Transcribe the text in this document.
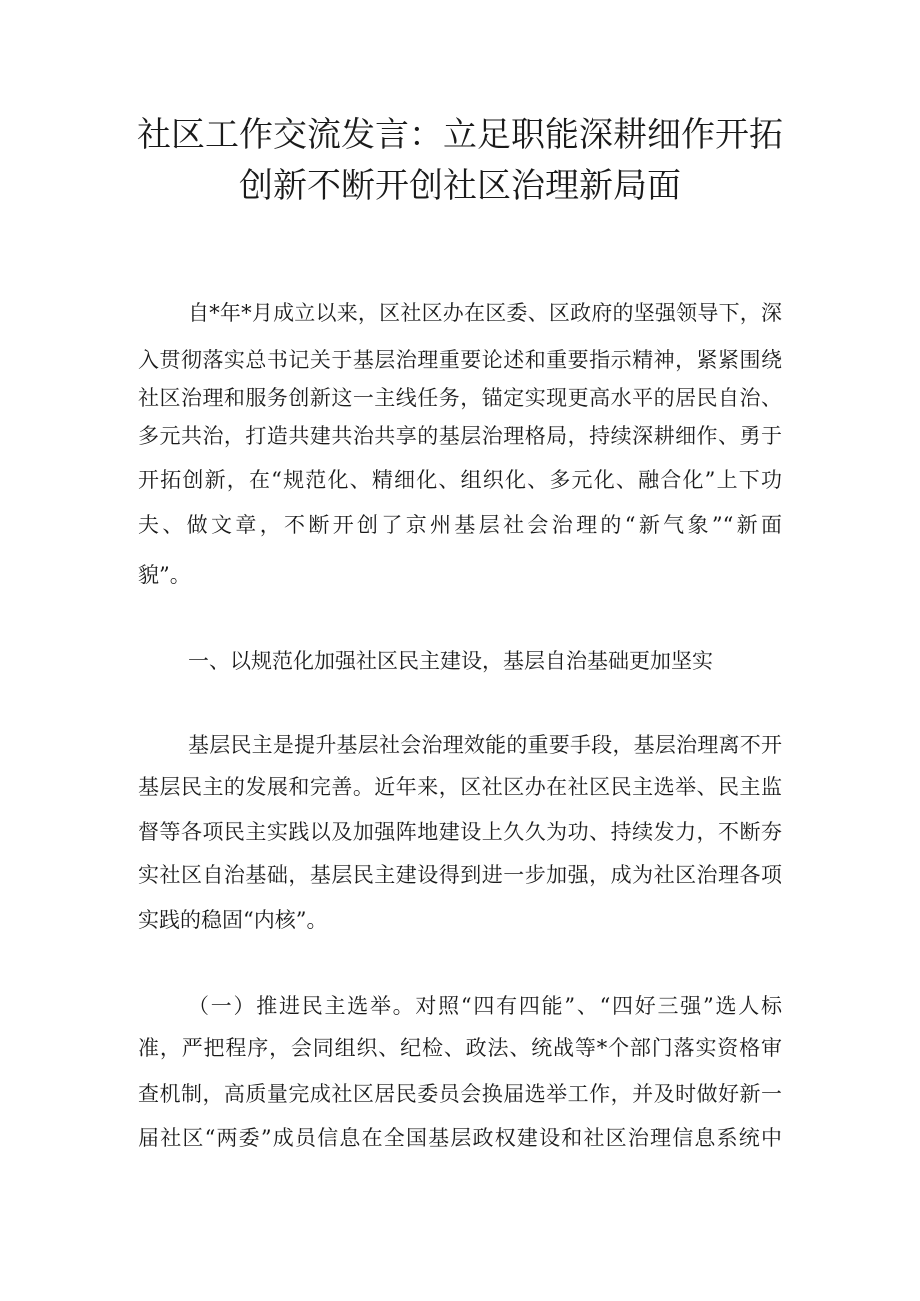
社区工作交流发言：立足职能深耕细作开拓
创新不断开创社区治理新局面
自*年*月成立以来，区社区办在区委、区政府的坚强领导下，深
入贯彻落实总书记关于基层治理重要论述和重要指示精神，紧紧围绕
社区治理和服务创新这一主线任务，锚定实现更高水平的居民自治、
多元共治，打造共建共治共享的基层治理格局，持续深耕细作、勇于
开拓创新，在“规范化、精细化、组织化、多元化、融合化”上下功
夫、做文章，不断开创了京州基层社会治理的“新气象”“新面
貌”。
一、以规范化加强社区民主建设，基层自治基础更加坚实
基层民主是提升基层社会治理效能的重要手段，基层治理离不开
基层民主的发展和完善。近年来，区社区办在社区民主选举、民主监
督等各项民主实践以及加强阵地建设上久久为功、持续发力，不断夯
实社区自治基础，基层民主建设得到进一步加强，成为社区治理各项
实践的稳固“内核”。
（一）推进民主选举。对照“四有四能”、“四好三强”选人标
准，严把程序，会同组织、纪检、政法、统战等*个部门落实资格审
查机制，高质量完成社区居民委员会换届选举工作，并及时做好新一
届社区“两委”成员信息在全国基层政权建设和社区治理信息系统中
